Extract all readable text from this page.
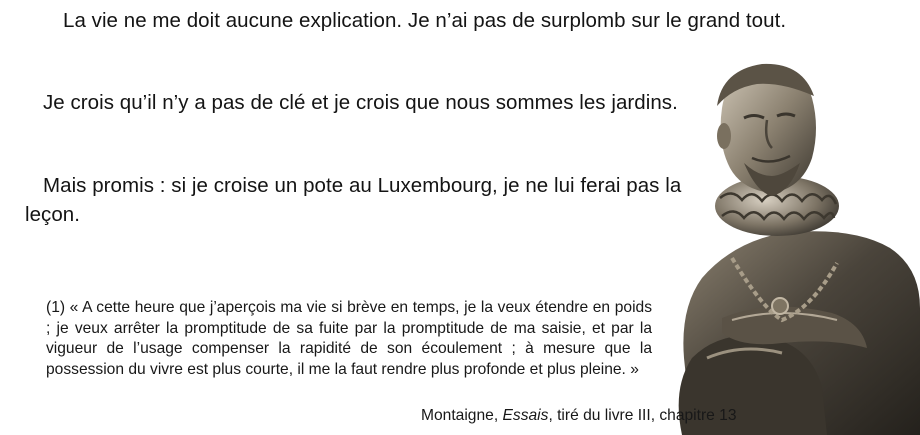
La vie ne me doit aucune explication. Je n’ai pas de surplomb sur le grand tout.

Je crois qu’il n’y a pas de clé et je crois que nous sommes les jardins.

Mais promis : si je croise un pote au Luxembourg, je ne lui ferai pas la leçon.

(1) « A cette heure que j’aperçois ma vie si brève en temps, je la veux étendre en poids ; je veux arrêter la promptitude de sa fuite par la promptitude de ma saisie, et par la vigueur de l’usage compenser la rapidité de son écoulement ; à mesure que la possession du vivre est plus courte, il me la faut rendre plus profonde et plus pleine. »

Montaigne, Essais, tiré du livre III, chapitre 13
